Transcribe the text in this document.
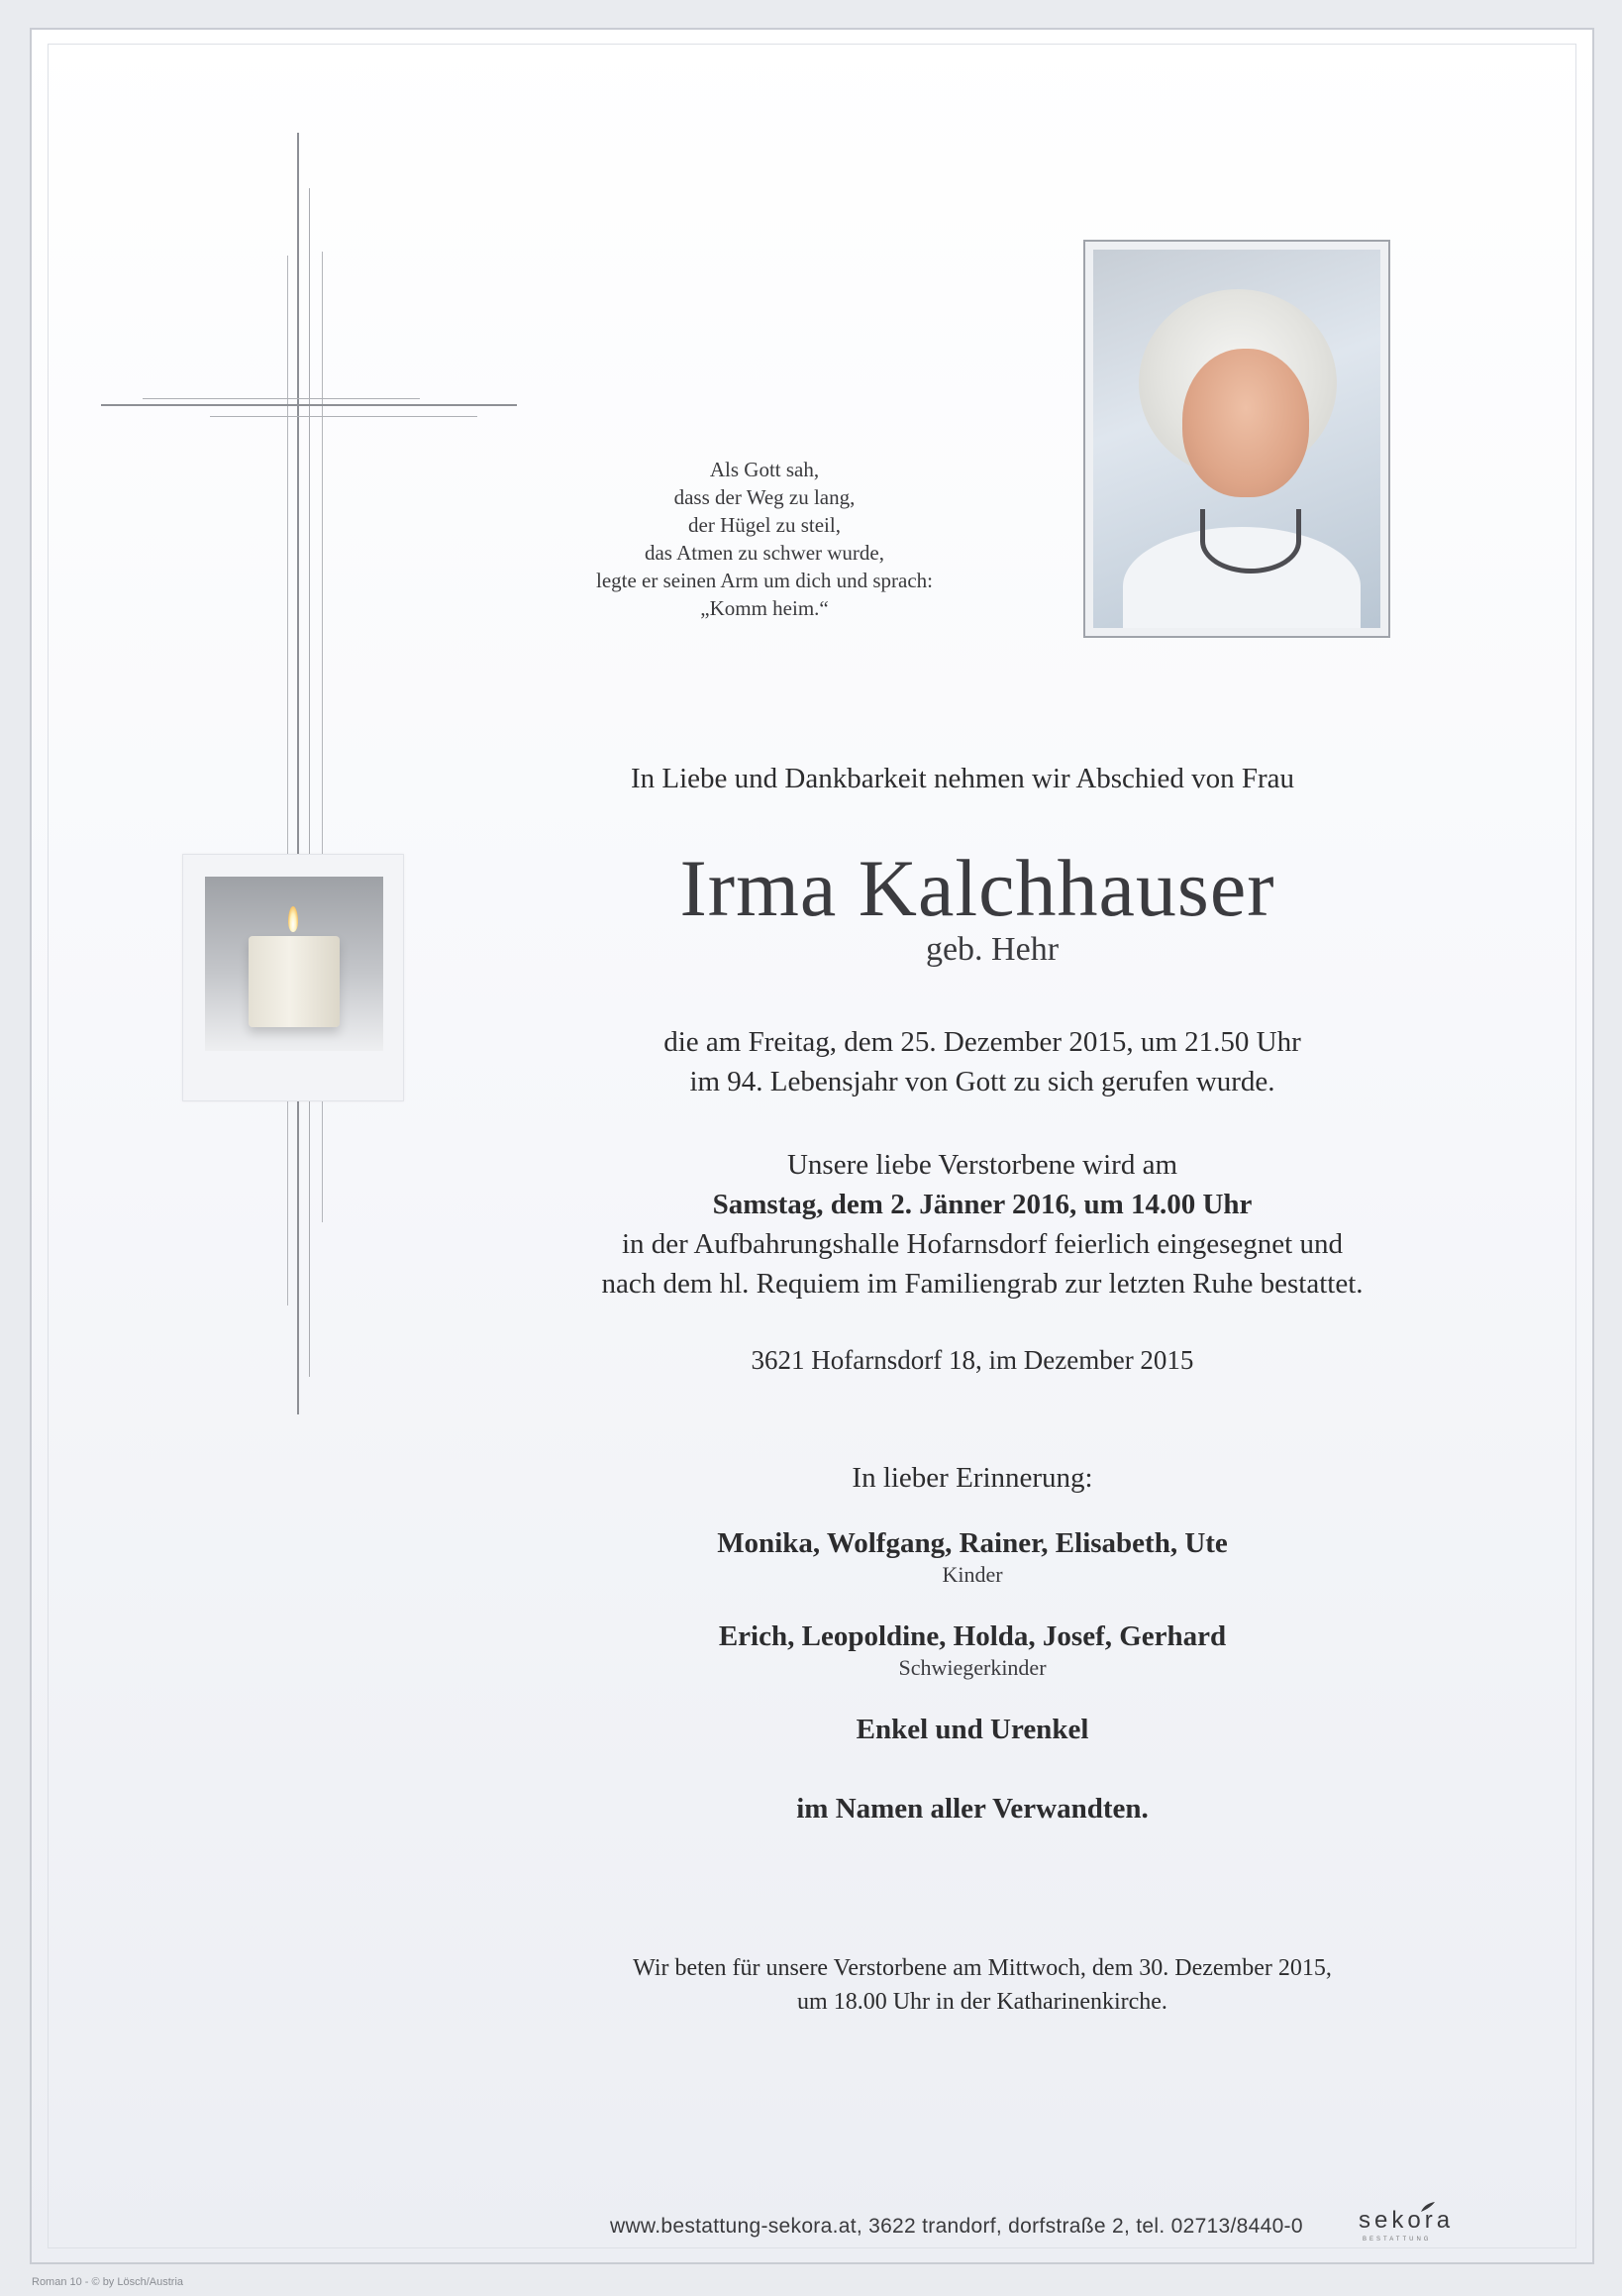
Als Gott sah,
dass der Weg zu lang,
der Hügel zu steil,
das Atmen zu schwer wurde,
legte er seinen Arm um dich und sprach:
„Komm heim.“
In Liebe und Dankbarkeit nehmen wir Abschied von Frau
Irma Kalchhauser
geb. Hehr
die am Freitag, dem 25. Dezember 2015, um 21.50 Uhr
im 94. Lebensjahr von Gott zu sich gerufen wurde.
Unsere liebe Verstorbene wird am
Samstag, dem 2. Jänner 2016, um 14.00 Uhr
in der Aufbahrungshalle Hofarnsdorf feierlich eingesegnet und
nach dem hl. Requiem im Familiengrab zur letzten Ruhe bestattet.
3621 Hofarnsdorf 18, im Dezember 2015
In lieber Erinnerung:
Monika, Wolfgang, Rainer, Elisabeth, Ute
Kinder
Erich, Leopoldine, Holda, Josef, Gerhard
Schwiegerkinder
Enkel und Urenkel
im Namen aller Verwandten.
Wir beten für unsere Verstorbene am Mittwoch, dem 30. Dezember 2015,
um 18.00 Uhr in der Katharinenkirche.
www.bestattung-sekora.at, 3622 trandorf, dorfstraße 2, tel. 02713/8440-0	sekora
BESTATTUNG
Roman 10 - © by Lösch/Austria
